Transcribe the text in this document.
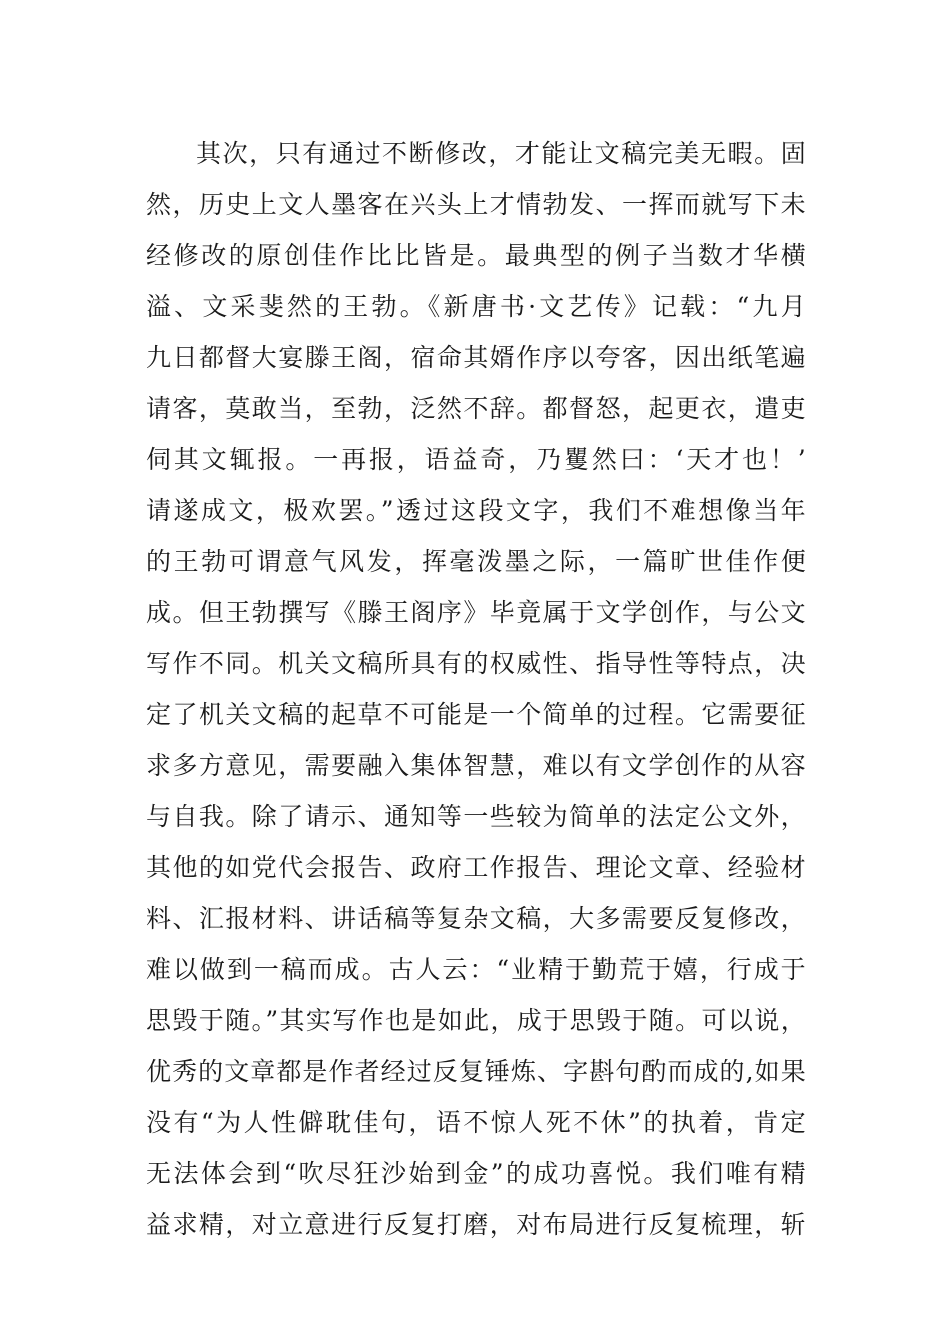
其次，只有通过不断修改，才能让文稿完美无暇。固
然，历史上文人墨客在兴头上才情勃发、一挥而就写下未
经修改的原创佳作比比皆是。最典型的例子当数才华横
溢、文采斐然的王勃。《新唐书·文艺传》记载：“九月
九日都督大宴滕王阁，宿命其婿作序以夸客，因出纸笔遍
请客，莫敢当，至勃，泛然不辞。都督怒，起更衣，遣吏
伺其文辄报。一再报，语益奇，乃矍然曰：‘天才也！’
请遂成文，极欢罢。”透过这段文字，我们不难想像当年
的王勃可谓意气风发，挥毫泼墨之际，一篇旷世佳作便
成。但王勃撰写《滕王阁序》毕竟属于文学创作，与公文
写作不同。机关文稿所具有的权威性、指导性等特点，决
定了机关文稿的起草不可能是一个简单的过程。它需要征
求多方意见，需要融入集体智慧，难以有文学创作的从容
与自我。除了请示、通知等一些较为简单的法定公文外，
其他的如党代会报告、政府工作报告、理论文章、经验材
料、汇报材料、讲话稿等复杂文稿，大多需要反复修改，
难以做到一稿而成。古人云：“业精于勤荒于嬉，行成于
思毁于随。”其实写作也是如此，成于思毁于随。可以说，
优秀的文章都是作者经过反复锤炼、字斟句酌而成的,如果
没有“为人性僻耽佳句，语不惊人死不休”的执着，肯定
无法体会到“吹尽狂沙始到金”的成功喜悦。我们唯有精
益求精，对立意进行反复打磨，对布局进行反复梳理，斩
